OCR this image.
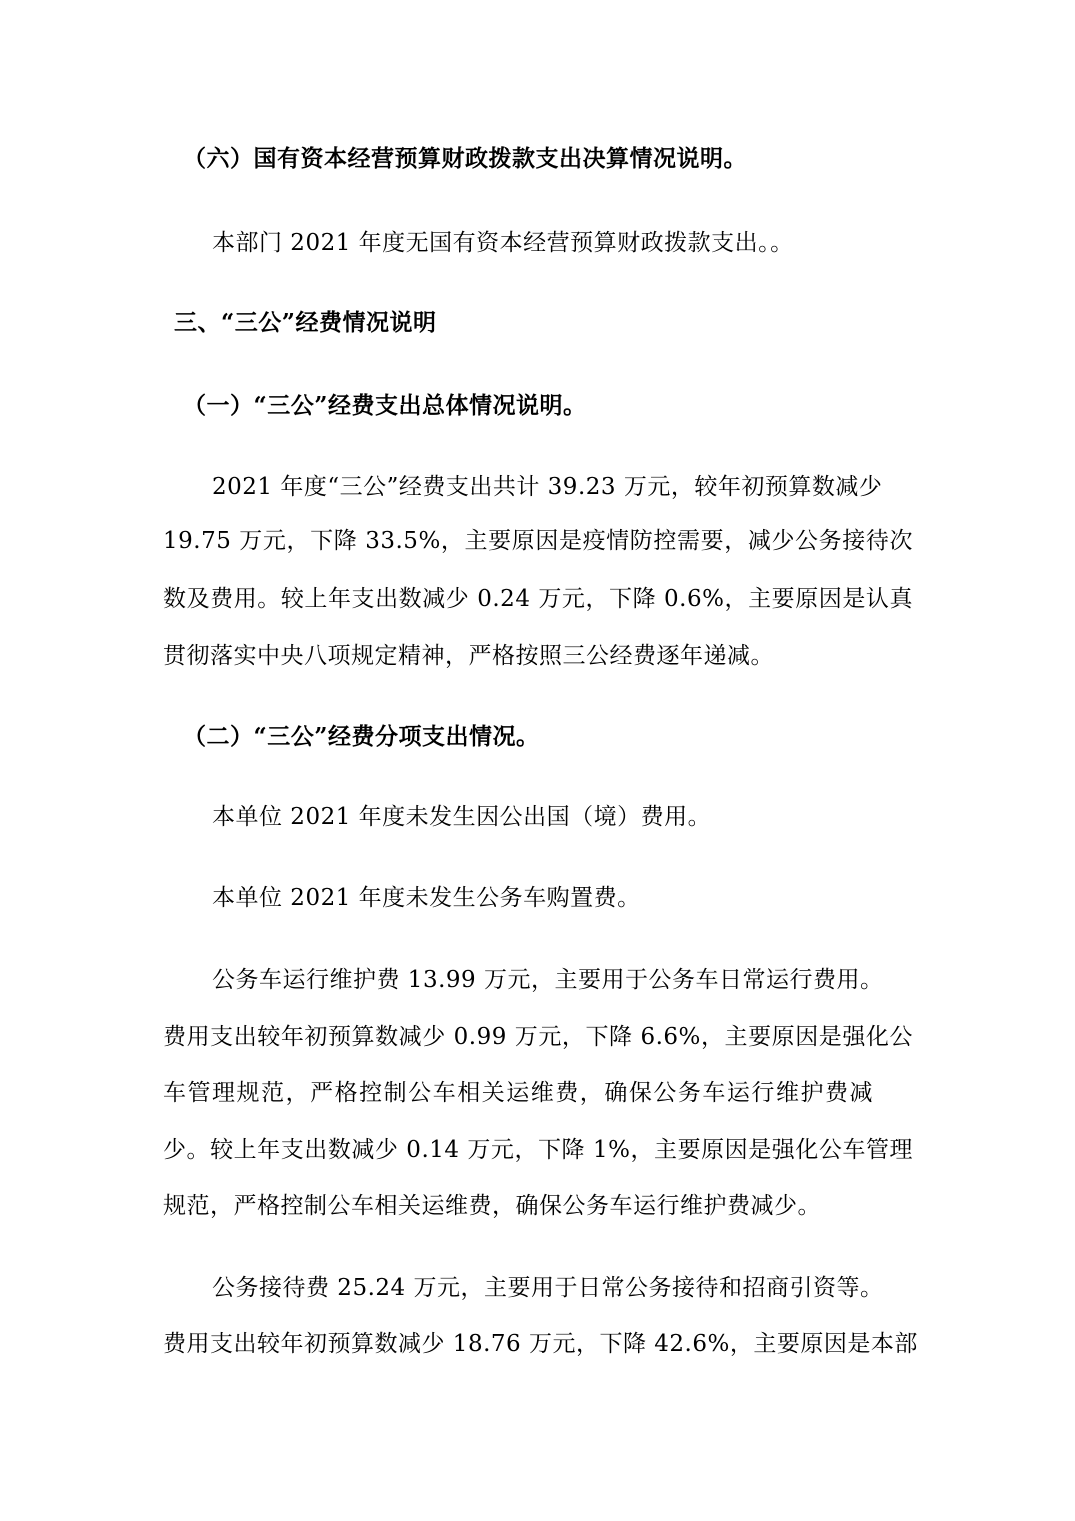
（六）国有资本经营预算财政拨款支出决算情况说明。
本部门 2021 年度无国有资本经营预算财政拨款支出。。
三、“三公”经费情况说明
（一）“三公”经费支出总体情况说明。
2021 年度“三公”经费支出共计 39.23 万元，较年初预算数减少
19.75 万元，下降 33.5%，主要原因是疫情防控需要，减少公务接待次
数及费用。较上年支出数减少 0.24 万元，下降 0.6%，主要原因是认真
贯彻落实中央八项规定精神，严格按照三公经费逐年递减。
（二）“三公”经费分项支出情况。
本单位 2021 年度未发生因公出国（境）费用。
本单位 2021 年度未发生公务车购置费。
公务车运行维护费 13.99 万元，主要用于公务车日常运行费用。
费用支出较年初预算数减少 0.99 万元，下降 6.6%，主要原因是强化公
车管理规范，严格控制公车相关运维费，确保公务车运行维护费减
少。较上年支出数减少 0.14 万元，下降 1%，主要原因是强化公车管理
规范，严格控制公车相关运维费，确保公务车运行维护费减少。
公务接待费 25.24 万元，主要用于日常公务接待和招商引资等。
费用支出较年初预算数减少 18.76 万元，下降 42.6%，主要原因是本部
